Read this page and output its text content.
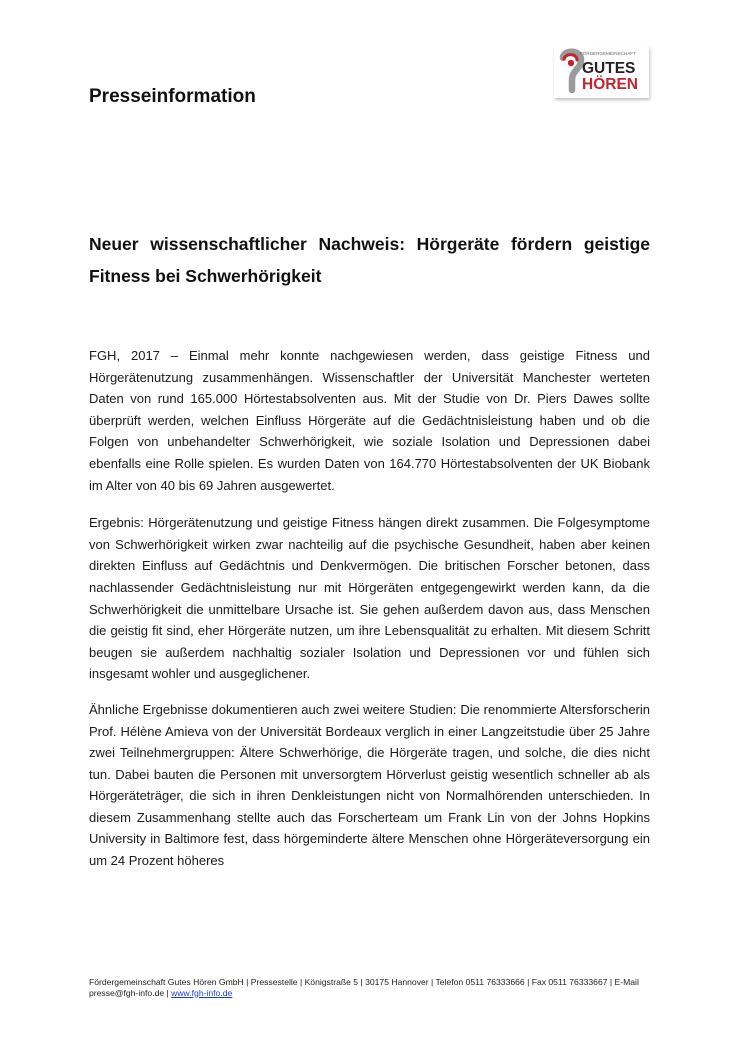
Presseinformation
FÖRDERGEMEINSCHAFT
GUTES
HÖREN
Neuer wissenschaftlicher Nachweis: Hörgeräte fördern geistige Fitness bei Schwerhörigkeit

FGH, 2017 – Einmal mehr konnte nachgewiesen werden, dass geistige Fitness und Hörgerätenutzung zusammenhängen. Wissenschaftler der Universität Manchester werteten Daten von rund 165.000 Hörtestabsolventen aus. Mit der Studie von Dr. Piers Dawes sollte überprüft werden, welchen Einfluss Hörgeräte auf die Gedächtnisleistung haben und ob die Folgen von unbehandelter Schwerhörigkeit, wie soziale Isolation und Depressionen dabei ebenfalls eine Rolle spielen. Es wurden Daten von 164.770 Hörtestabsolventen der UK Biobank im Alter von 40 bis 69 Jahren ausgewertet.

Ergebnis: Hörgerätenutzung und geistige Fitness hängen direkt zusammen. Die Folgesymptome von Schwerhörigkeit wirken zwar nachteilig auf die psychische Gesundheit, haben aber keinen direkten Einfluss auf Gedächtnis und Denkvermögen. Die britischen Forscher betonen, dass nachlassender Gedächtnisleistung nur mit Hörgeräten entgegengewirkt werden kann, da die Schwerhörigkeit die unmittelbare Ursache ist. Sie gehen außerdem davon aus, dass Menschen die geistig fit sind, eher Hörgeräte nutzen, um ihre Lebensqualität zu erhalten. Mit diesem Schritt beugen sie außerdem nachhaltig sozialer Isolation und Depressionen vor und fühlen sich insgesamt wohler und ausgeglichener.

Ähnliche Ergebnisse dokumentieren auch zwei weitere Studien: Die renommierte Altersforscherin Prof. Hélène Amieva von der Universität Bordeaux verglich in einer Langzeitstudie über 25 Jahre zwei Teilnehmergruppen: Ältere Schwerhörige, die Hörgeräte tragen, und solche, die dies nicht tun. Dabei bauten die Personen mit unversorgtem Hörverlust geistig wesentlich schneller ab als Hörgeräteträger, die sich in ihren Denkleistungen nicht von Normalhörenden unterschieden. In diesem Zusammenhang stellte auch das Forscherteam um Frank Lin von der Johns Hopkins University in Baltimore fest, dass hörgeminderte ältere Menschen ohne Hörgeräteversorgung ein um 24 Prozent höheres

Fördergemeinschaft Gutes Hören GmbH | Pressestelle | Königstraße 5 | 30175 Hannover | Telefon 0511 76333666 | Fax 0511 76333667 | E-Mail presse@fgh-info.de | www.fgh-info.de
